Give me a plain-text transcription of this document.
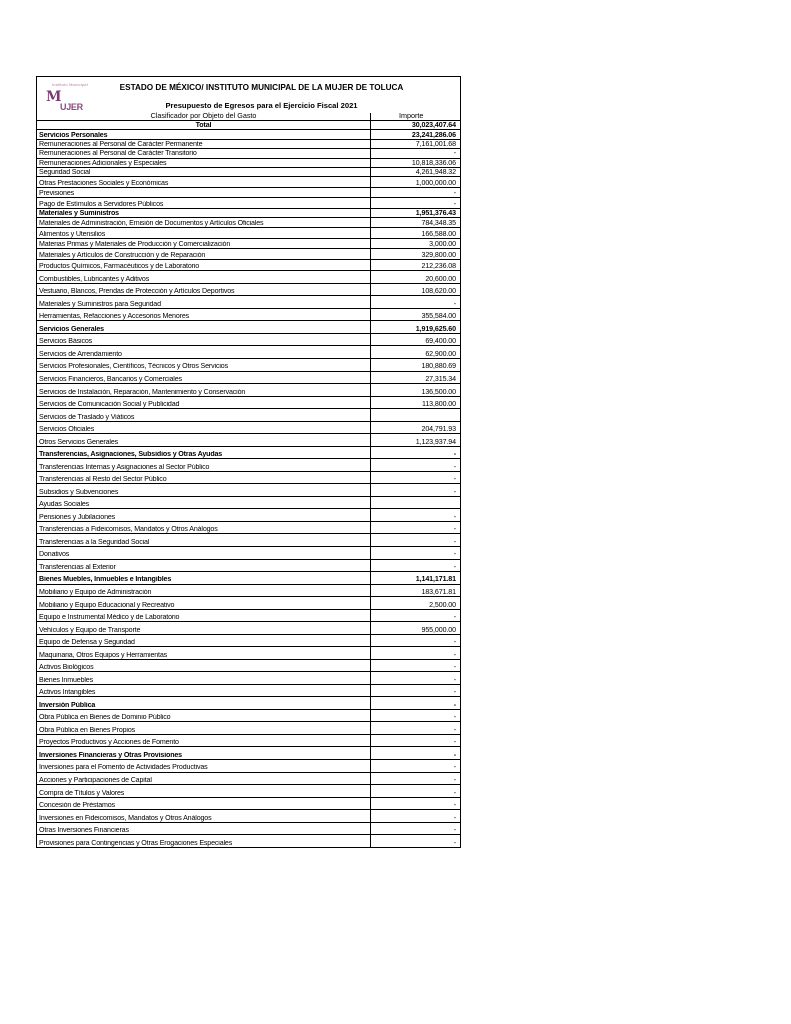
Instituto Municipal
M
UJER
ESTADO DE MÉXICO/ INSTITUTO MUNICIPAL DE LA MUJER DE TOLUCA
Presupuesto de Egresos para el Ejercicio Fiscal 2021
Clasificador por Objeto del Gasto	Importe
Total	30,023,407.64
Servicios Personales	23,241,286.06
Remuneraciones al Personal de Carácter Permanente	7,161,001.68
Remuneraciones al Personal de Carácter Transitorio	-
Remuneraciones Adicionales y Especiales	10,818,336.06
Seguridad Social	4,261,948.32
Otras Prestaciones Sociales y Económicas	1,000,000.00
Previsiones	-
Pago de Estímulos a Servidores Públicos	-
Materiales y Suministros	1,951,376.43
Materiales de Administración, Emisión de Documentos y Artículos Oficiales	784,348.35
Alimentos y Utensilios	166,588.00
Materias Primas y Materiales de Producción y Comercialización	3,000.00
Materiales y Artículos de Construcción y de Reparación	329,800.00
Productos Químicos, Farmacéuticos y de Laboratorio	212,236.08
Combustibles, Lubricantes y Aditivos	20,600.00
Vestuario, Blancos, Prendas de Protección y Artículos Deportivos	108,620.00
Materiales y Suministros para Seguridad	-
Herramientas, Refacciones y Accesorios Menores	355,584.00
Servicios Generales	1,919,625.60
Servicios Básicos	69,400.00
Servicios de Arrendamiento	62,900.00
Servicios Profesionales, Científicos, Técnicos y Otros Servicios	180,880.69
Servicios Financieros, Bancarios y Comerciales	27,315.34
Servicios de Instalación, Reparación, Mantenimiento y Conservación	136,500.00
Servicios de Comunicación Social y Publicidad	113,800.00
Servicios de Traslado y Viáticos
Servicios Oficiales	204,791.93
Otros Servicios Generales	1,123,937.94
Transferencias, Asignaciones, Subsidios y Otras Ayudas	-
Transferencias Internas y Asignaciones al Sector Público	-
Transferencias al Resto del Sector Público	-
Subsidios y Subvenciones	-
Ayudas Sociales
Pensiones y Jubilaciones	-
Transferencias a Fideicomisos, Mandatos y Otros Análogos	-
Transferencias a la Seguridad Social	-
Donativos	-
Transferencias al Exterior	-
Bienes Muebles, Inmuebles e Intangibles	1,141,171.81
Mobiliario y Equipo de Administración	183,671.81
Mobiliario y Equipo Educacional y Recreativo	2,500.00
Equipo e Instrumental Médico y de Laboratorio	-
Vehículos y Equipo de Transporte	955,000.00
Equipo de Defensa y Seguridad	-
Maquinaria, Otros Equipos y Herramientas	-
Activos Biológicos	-
Bienes Inmuebles	-
Activos Intangibles	-
Inversión Pública	-
Obra Pública en Bienes de Dominio Público	-
Obra Pública en Bienes Propios	-
Proyectos Productivos y Acciones de Fomento	-
Inversiones Financieras y Otras Provisiones	-
Inversiones para el Fomento de Actividades Productivas	-
Acciones y Participaciones de Capital	-
Compra de Títulos y Valores	-
Concesión de Préstamos	-
Inversiones en Fideicomisos, Mandatos y Otros Análogos	-
Otras Inversiones Financieras	-
Provisiones para Contingencias y Otras Erogaciones Especiales	-
